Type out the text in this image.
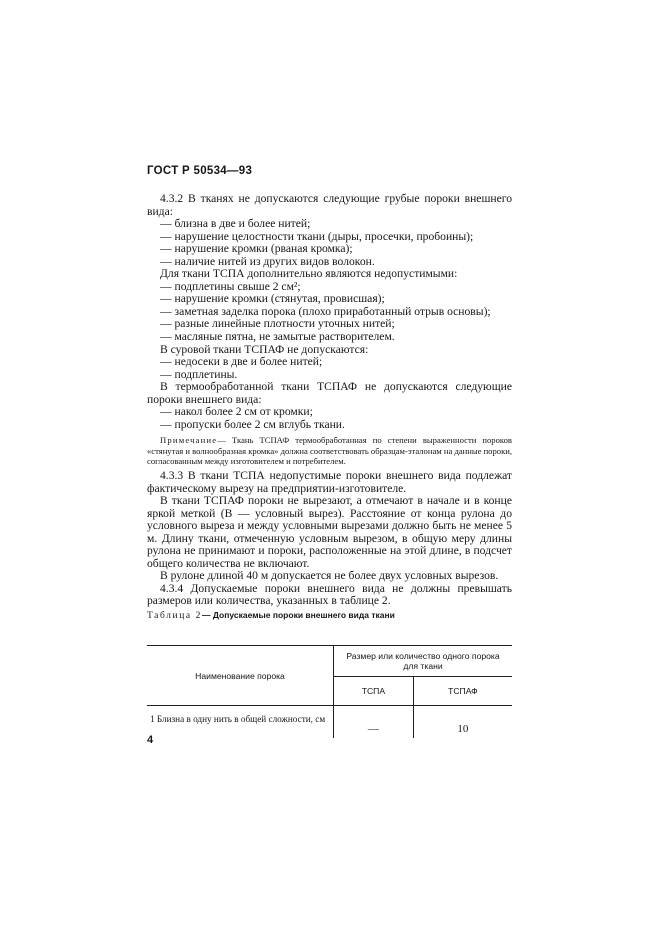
ГОСТ Р 50534—93

4.3.2 В тканях не допускаются следующие грубые пороки внешнего вида:

— близна в две и более нитей;

— нарушение целостности ткани (дыры, просечки, пробоины);

— нарушение кромки (рваная кромка);

— наличие нитей из других видов волокон.

Для ткани ТСПА дополнительно являются недопустимыми:

— подплетины свыше 2 см²;

— нарушение кромки (стянутая, провисшая);

— заметная заделка порока (плохо приработанный отрыв основы);

— разные линейные плотности уточных нитей;

— масляные пятна, не замытые растворителем.

В суровой ткани ТСПАФ не допускаются:

— недосеки в две и более нитей;

— подплетины.

В термообработанной ткани ТСПАФ не допускаются следующие пороки внешнего вида:

— накол более 2 см от кромки;

— пропуски более 2 см вглубь ткани.

Примечание— Ткань ТСПАФ термообработанная по степени выраженности пороков «стянутая и волнообразная кромка» должна соответствовать образцам-эталонам на данные пороки, согласованным между изготовителем и потребителем.

4.3.3 В ткани ТСПА недопустимые пороки внешнего вида подлежат фактическому вырезу на предприятии-изготовителе.

В ткани ТСПАФ пороки не вырезают, а отмечают в начале и в конце яркой меткой (В — условный вырез). Расстояние от конца рулона до условного выреза и между условными вырезами должно быть не менее 5 м. Длину ткани, отмеченную условным вырезом, в общую меру длины рулона не принимают и пороки, расположенные на этой длине, в подсчет общего количества не включают.

В рулоне длиной 40 м допускается не более двух условных вырезов.

4.3.4 Допускаемые пороки внешнего вида не должны превышать размеров или количества, указанных в таблице 2.

Таблица 2— Допускаемые пороки внешнего вида ткани

Наименование порока	Размер или количество одного порока для ткани	
	ТСПА	ТСПАФ
1 Близна в одну нить в общей сложности, см	—	10
4
